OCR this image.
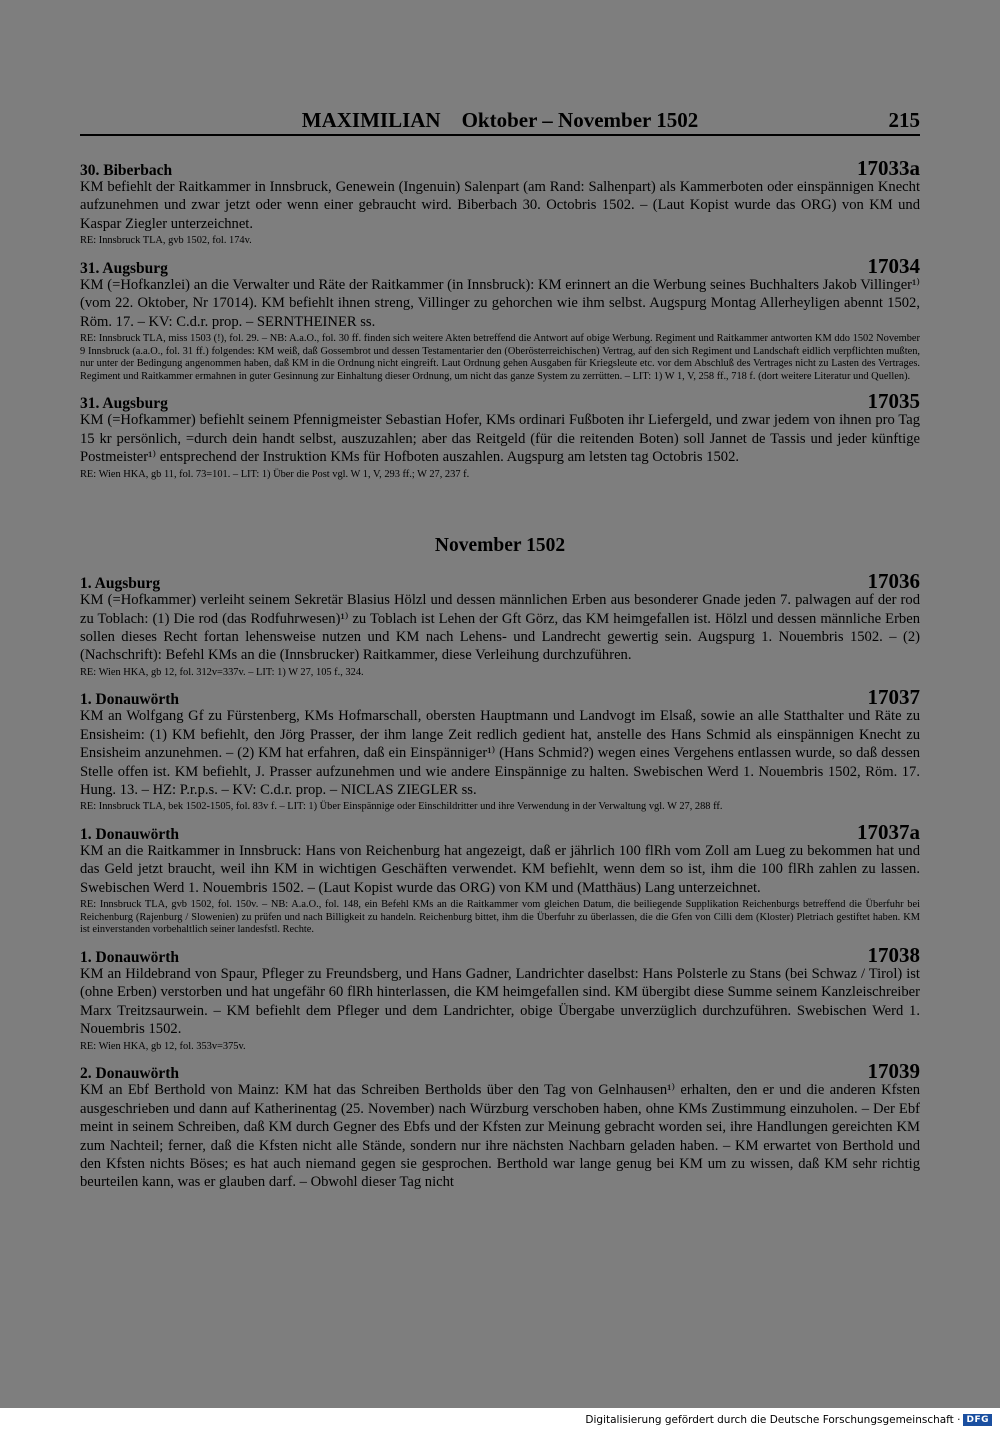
MAXIMILIAN    Oktober – November 1502	215
30. Biberbach	17033a
KM befiehlt der Raitkammer in Innsbruck, Genewein (Ingenuin) Salenpart (am Rand: Salhenpart) als Kammerboten oder einspännigen Knecht aufzunehmen und zwar jetzt oder wenn einer gebraucht wird. Biberbach 30. Octobris 1502. – (Laut Kopist wurde das ORG) von KM und Kaspar Ziegler unterzeichnet.
RE: Innsbruck TLA, gvb 1502, fol. 174v.
31. Augsburg	17034
KM (=Hofkanzlei) an die Verwalter und Räte der Raitkammer (in Innsbruck): KM erinnert an die Werbung seines Buchhalters Jakob Villinger¹⁾ (vom 22. Oktober, Nr 17014). KM befiehlt ihnen streng, Villinger zu gehorchen wie ihm selbst. Augspurg Montag Allerheyligen abennt 1502, Röm. 17. – KV: C.d.r. prop. – SERNTHEINER ss.
RE: Innsbruck TLA, miss 1503 (!), fol. 29. – NB: A.a.O., fol. 30 ff. finden sich weitere Akten betreffend die Antwort auf obige Werbung. Regiment und Raitkammer antworten KM ddo 1502 November 9 Innsbruck (a.a.O., fol. 31 ff.) folgendes: KM weiß, daß Gossembrot und dessen Testamentarier den (Oberösterreichischen) Vertrag, auf den sich Regiment und Landschaft eidlich verpflichten mußten, nur unter der Bedingung angenommen haben, daß KM in die Ordnung nicht eingreift. Laut Ordnung gehen Ausgaben für Kriegsleute etc. vor dem Abschluß des Vertrages nicht zu Lasten des Vertrages. Regiment und Raitkammer ermahnen in guter Gesinnung zur Einhaltung dieser Ordnung, um nicht das ganze System zu zerrütten. – LIT: 1) W 1, V, 258 ff., 718 f. (dort weitere Literatur und Quellen).
31. Augsburg	17035
KM (=Hofkammer) befiehlt seinem Pfennigmeister Sebastian Hofer, KMs ordinari Fußboten ihr Liefergeld, und zwar jedem von ihnen pro Tag 15 kr persönlich, =durch dein handt selbst, auszuzahlen; aber das Reitgeld (für die reitenden Boten) soll Jannet de Tassis und jeder künftige Postmeister¹⁾ entsprechend der Instruktion KMs für Hofboten auszahlen. Augspurg am letsten tag Octobris 1502.
RE: Wien HKA, gb 11, fol. 73=101. – LIT: 1) Über die Post vgl. W 1, V, 293 ff.; W 27, 237 f.
November 1502
1. Augsburg	17036
KM (=Hofkammer) verleiht seinem Sekretär Blasius Hölzl und dessen männlichen Erben aus besonderer Gnade jeden 7. palwagen auf der rod zu Toblach: (1) Die rod (das Rodfuhrwesen)¹⁾ zu Toblach ist Lehen der Gft Görz, das KM heimgefallen ist. Hölzl und dessen männliche Erben sollen dieses Recht fortan lehensweise nutzen und KM nach Lehens- und Landrecht gewertig sein. Augspurg 1. Nouembris 1502. – (2) (Nachschrift): Befehl KMs an die (Innsbrucker) Raitkammer, diese Verleihung durchzuführen.
RE: Wien HKA, gb 12, fol. 312v=337v. – LIT: 1) W 27, 105 f., 324.
1. Donauwörth	17037
KM an Wolfgang Gf zu Fürstenberg, KMs Hofmarschall, obersten Hauptmann und Landvogt im Elsaß, sowie an alle Statthalter und Räte zu Ensisheim: (1) KM befiehlt, den Jörg Prasser, der ihm lange Zeit redlich gedient hat, anstelle des Hans Schmid als einspännigen Knecht zu Ensisheim anzunehmen. – (2) KM hat erfahren, daß ein Einspänniger¹⁾ (Hans Schmid?) wegen eines Vergehens entlassen wurde, so daß dessen Stelle offen ist. KM befiehlt, J. Prasser aufzunehmen und wie andere Einspännige zu halten. Swebischen Werd 1. Nouembris 1502, Röm. 17. Hung. 13. – HZ: P.r.p.s. – KV: C.d.r. prop. – NICLAS ZIEGLER ss.
RE: Innsbruck TLA, bek 1502-1505, fol. 83v f. – LIT: 1) Über Einspännige oder Einschildritter und ihre Verwendung in der Verwaltung vgl. W 27, 288 ff.
1. Donauwörth	17037a
KM an die Raitkammer in Innsbruck: Hans von Reichenburg hat angezeigt, daß er jährlich 100 flRh vom Zoll am Lueg zu bekommen hat und das Geld jetzt braucht, weil ihn KM in wichtigen Geschäften verwendet. KM befiehlt, wenn dem so ist, ihm die 100 flRh zahlen zu lassen. Swebischen Werd 1. Nouembris 1502. – (Laut Kopist wurde das ORG) von KM und (Matthäus) Lang unterzeichnet.
RE: Innsbruck TLA, gvb 1502, fol. 150v. – NB: A.a.O., fol. 148, ein Befehl KMs an die Raitkammer vom gleichen Datum, die beiliegende Supplikation Reichenburgs betreffend die Überfuhr bei Reichenburg (Rajenburg / Slowenien) zu prüfen und nach Billigkeit zu handeln. Reichenburg bittet, ihm die Überfuhr zu überlassen, die die Gfen von Cilli dem (Kloster) Pletriach gestiftet haben. KM ist einverstanden vorbehaltlich seiner landesfstl. Rechte.
1. Donauwörth	17038
KM an Hildebrand von Spaur, Pfleger zu Freundsberg, und Hans Gadner, Landrichter daselbst: Hans Polsterle zu Stans (bei Schwaz / Tirol) ist (ohne Erben) verstorben und hat ungefähr 60 flRh hinterlassen, die KM heimgefallen sind. KM übergibt diese Summe seinem Kanzleischreiber Marx Treitzsaurwein. – KM befiehlt dem Pfleger und dem Landrichter, obige Übergabe unverzüglich durchzuführen. Swebischen Werd 1. Nouembris 1502.
RE: Wien HKA, gb 12, fol. 353v=375v.
2. Donauwörth	17039
KM an Ebf Berthold von Mainz: KM hat das Schreiben Bertholds über den Tag von Gelnhausen¹⁾ erhalten, den er und die anderen Kfsten ausgeschrieben und dann auf Katherinentag (25. November) nach Würzburg verschoben haben, ohne KMs Zustimmung einzuholen. – Der Ebf meint in seinem Schreiben, daß KM durch Gegner des Ebfs und der Kfsten zur Meinung gebracht worden sei, ihre Handlungen gereichten KM zum Nachteil; ferner, daß die Kfsten nicht alle Stände, sondern nur ihre nächsten Nachbarn geladen haben. – KM erwartet von Berthold und den Kfsten nichts Böses; es hat auch niemand gegen sie gesprochen. Berthold war lange genug bei KM um zu wissen, daß KM sehr richtig beurteilen kann, was er glauben darf. – Obwohl dieser Tag nicht
Digitalisierung gefördert durch die Deutsche Forschungsgemeinschaft · DFG
